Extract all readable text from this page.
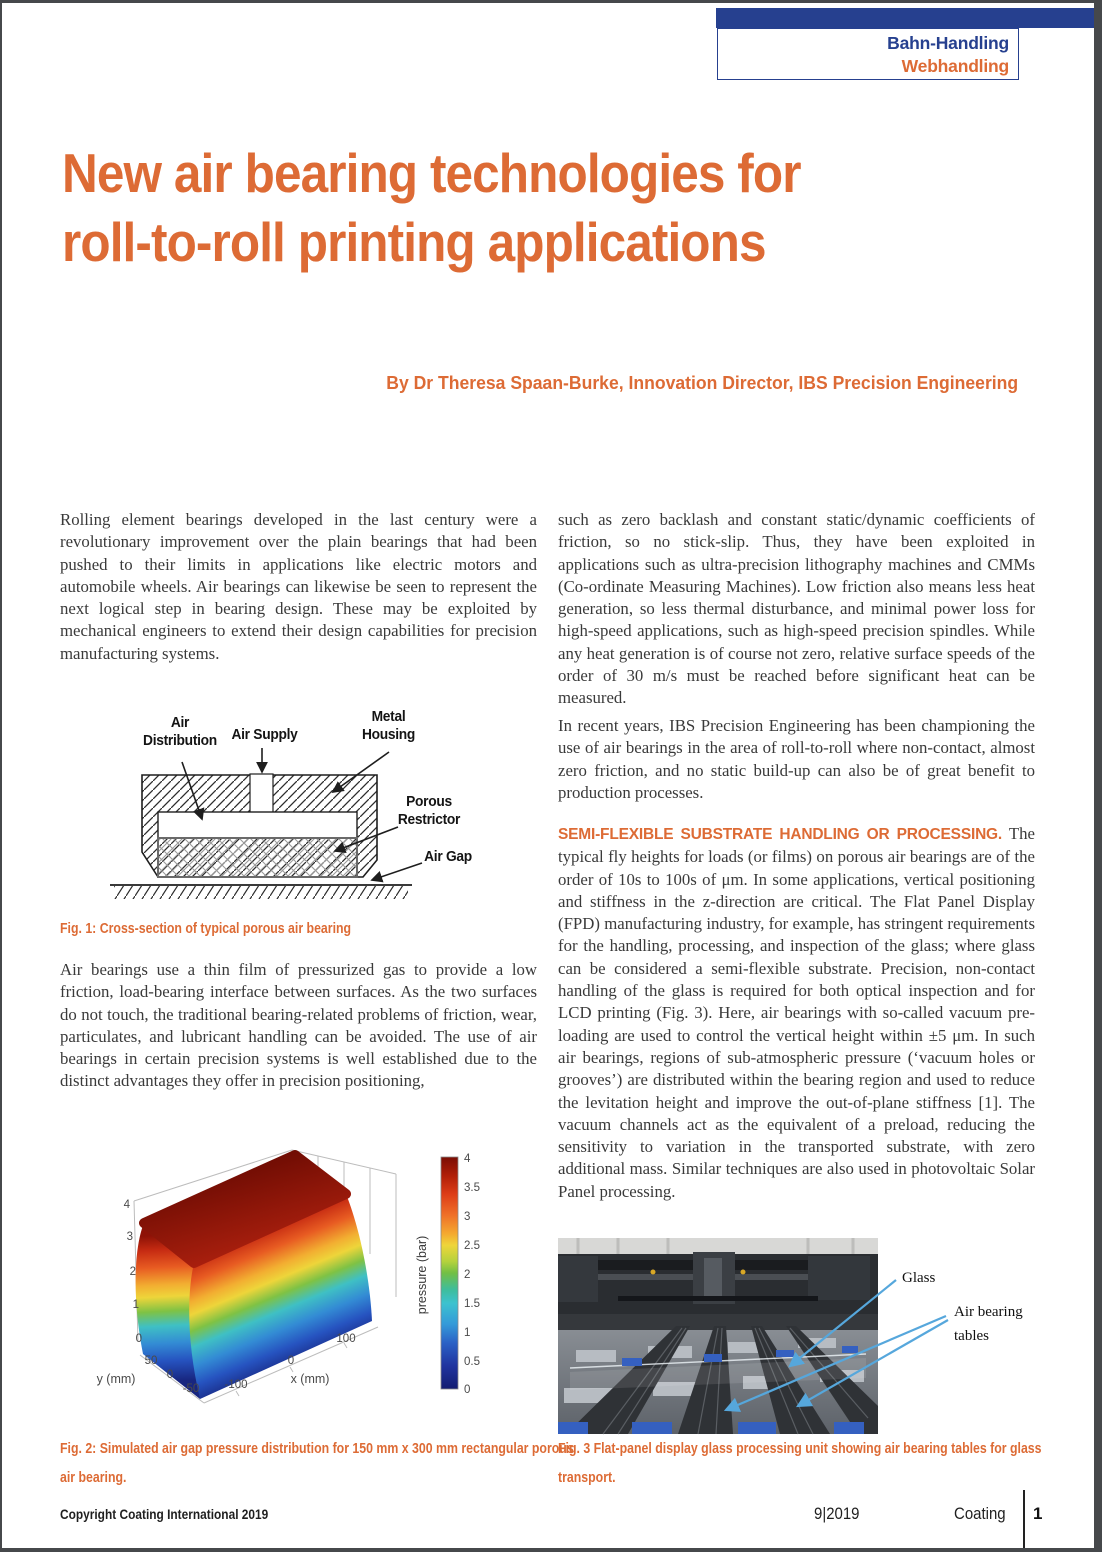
Bahn-Handling
Webhandling
New air bearing technologies for
roll-to-roll printing applications
By Dr Theresa Spaan-Burke, Innovation Director, IBS Precision Engineering
Rolling element bearings developed in the last century were a revolutionary improvement over the plain bearings that had been pushed to their limits in applications like electric motors and automobile wheels. Air bearings can likewise be seen to represent the next logical step in bearing design. These may be exploited by mechanical engineers to extend their design capabilities for precision manufacturing systems.
Air
Distribution	Air Supply
Metal
Housing
Porous
Restrictor
Air Gap
Fig. 1: Cross-section of typical porous air bearing
Air bearings use a thin film of pressurized gas to provide a low friction, load-bearing interface between surfaces. As the two surfaces do not touch, the traditional bearing-related problems of friction, wear, particulates, and lubricant handling can be avoided. The use of air bearings in certain precision systems is well established due to the distinct advantages they offer in precision positioning,
4
3
2
1
0
50
0
-50
y (mm)	-100
0
100
x (mm)
4
3.5
3
2.5
2
1.5
1
0.5
0
pressure (bar)
Fig. 2: Simulated air gap pressure distribution for 150 mm x 300 mm rectangular porous
air bearing.
such as zero backlash and constant static/dynamic coefficients of friction, so no stick-slip. Thus, they have been exploited in applications such as ultra-precision lithography machines and CMMs (Co-ordinate Measuring Machines). Low friction also means less heat generation, so less thermal disturbance, and minimal power loss for high-speed applications, such as high-speed precision spindles. While any heat generation is of course not zero, relative surface speeds of the order of 30 m/s must be reached before significant heat can be measured.
In recent years, IBS Precision Engineering has been championing the use of air bearings in the area of roll-to-roll where non-contact, almost zero friction, and no static build-up can also be of great benefit to production processes.
SEMI-FLEXIBLE SUBSTRATE HANDLING OR PROCESSING. The typical fly heights for loads (or films) on porous air bearings are of the order of 10s to 100s of μm. In some applications, vertical positioning and stiffness in the z-direction are critical. The Flat Panel Display (FPD) manufacturing industry, for example, has stringent requirements for the handling, processing, and inspection of the glass; where glass can be considered a semi-flexible substrate. Precision, non-contact handling of the glass is required for both optical inspection and for LCD printing (Fig. 3). Here, air bearings with so-called vacuum pre-loading are used to control the vertical height within ±5 μm. In such air bearings, regions of sub-atmospheric pressure (‘vacuum holes or grooves’) are distributed within the bearing region and used to reduce the levitation height and improve the out-of-plane stiffness [1]. The vacuum channels act as the equivalent of a preload, reducing the sensitivity to variation in the transported substrate, with zero additional mass. Similar techniques are also used in photovoltaic Solar Panel processing.
Glass
Air bearing
tables
Fig. 3 Flat-panel display glass processing unit showing air bearing tables for glass
transport.
Copyright Coating International 2019	9|2019	Coating 1
